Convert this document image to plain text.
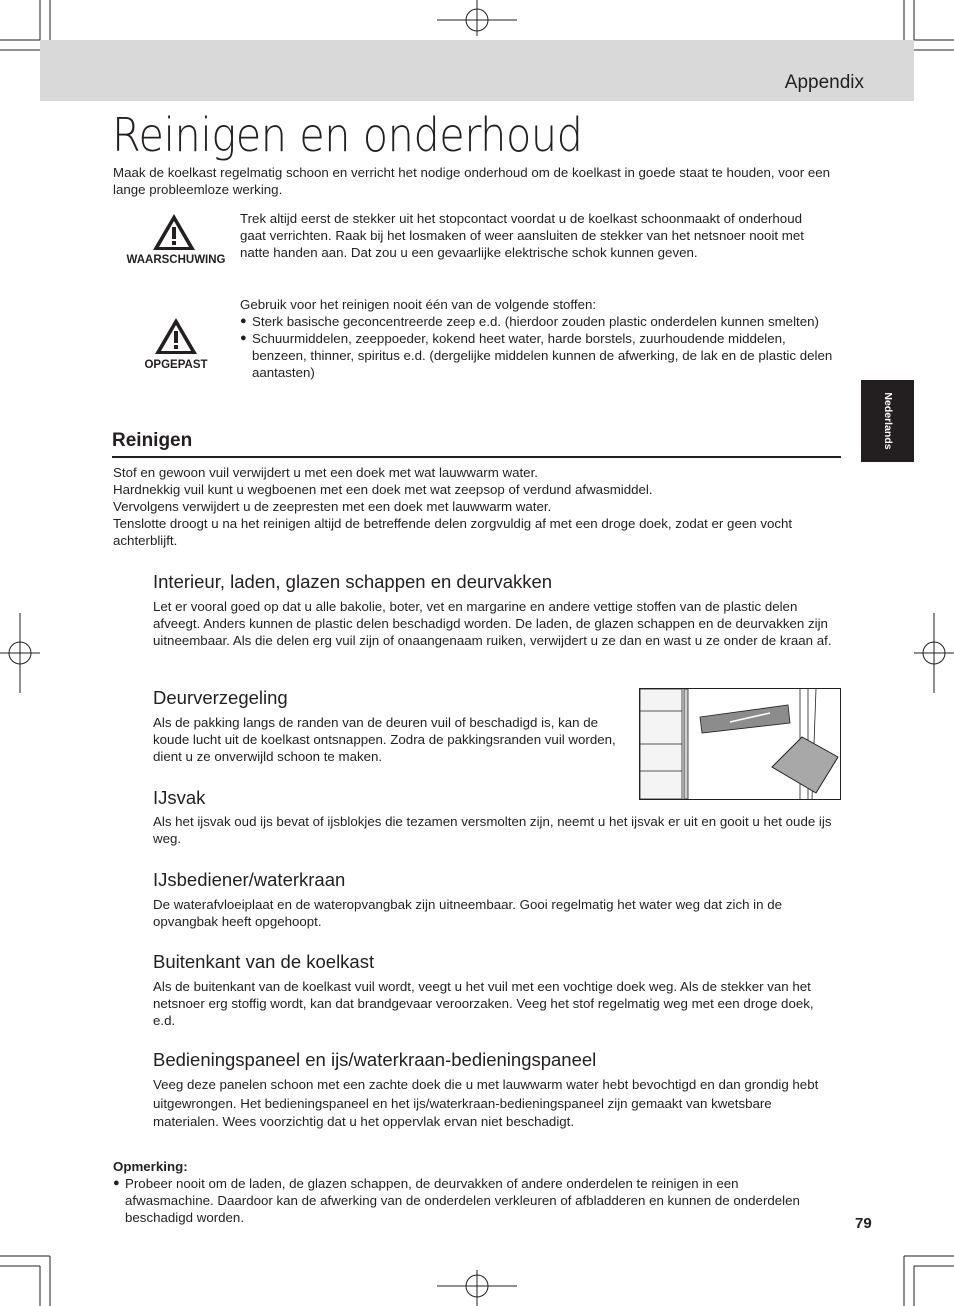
Appendix
Reinigen en onderhoud

Maak de koelkast regelmatig schoon en verricht het nodige onderhoud om de koelkast in goede staat te houden, voor een lange probleemloze werking.

WAARSCHUWING

Trek altijd eerst de stekker uit het stopcontact voordat u de koelkast schoonmaakt of onderhoud gaat verrichten. Raak bij het losmaken of weer aansluiten de stekker van het netsnoer nooit met natte handen aan. Dat zou u een gevaarlijke elektrische schok kunnen geven.

OPGEPAST
Gebruik voor het reinigen nooit één van de volgende stoffen:
● Sterk basische geconcentreerde zeep e.d. (hierdoor zouden plastic onderdelen kunnen smelten)
● Schuurmiddelen, zeeppoeder, kokend heet water, harde borstels, zuurhoudende middelen, benzeen, thinner, spiritus e.d. (dergelijke middelen kunnen de afwerking, de lak en de plastic delen aantasten)
Nederlands
Reinigen
Stof en gewoon vuil verwijdert u met een doek met wat lauwwarm water.
Hardnekkig vuil kunt u wegboenen met een doek met wat zeepsop of verdund afwasmiddel.
Vervolgens verwijdert u de zeepresten met een doek met lauwwarm water.
Tenslotte droogt u na het reinigen altijd de betreffende delen zorgvuldig af met een droge doek, zodat er geen vocht achterblijft.
Interieur, laden, glazen schappen en deurvakken

Let er vooral goed op dat u alle bakolie, boter, vet en margarine en andere vettige stoffen van de plastic delen afveegt. Anders kunnen de plastic delen beschadigd worden. De laden, de glazen schappen en de deurvakken zijn uitneembaar. Als die delen erg vuil zijn of onaangenaam ruiken, verwijdert u ze dan en wast u ze onder de kraan af.

Deurverzegeling

Als de pakking langs de randen van de deuren vuil of beschadigd is, kan de koude lucht uit de koelkast ontsnappen. Zodra de pakkingsranden vuil worden, dient u ze onverwijld schoon te maken.

IJsvak

Als het ijsvak oud ijs bevat of ijsblokjes die tezamen versmolten zijn, neemt u het ijsvak er uit en gooit u het oude ijs weg.

IJsbediener/waterkraan

De waterafvloeiplaat en de wateropvangbak zijn uitneembaar. Gooi regelmatig het water weg dat zich in de opvangbak heeft opgehoopt.

Buitenkant van de koelkast

Als de buitenkant van de koelkast vuil wordt, veegt u het vuil met een vochtige doek weg. Als de stekker van het netsnoer erg stoffig wordt, kan dat brandgevaar veroorzaken. Veeg het stof regelmatig weg met een droge doek, e.d.

Bedieningspaneel en ijs/waterkraan-bedieningspaneel

Veeg deze panelen schoon met een zachte doek die u met lauwwarm water hebt bevochtigd en dan grondig hebt uitgewrongen. Het bedieningspaneel en het ijs/waterkraan-bedieningspaneel zijn gemaakt van kwetsbare materialen. Wees voorzichtig dat u het oppervlak ervan niet beschadigt.

Opmerking:
● Probeer nooit om de laden, de glazen schappen, de deurvakken of andere onderdelen te reinigen in een afwasmachine. Daardoor kan de afwerking van de onderdelen verkleuren of afbladderen en kunnen de onderdelen beschadigd worden.	79
